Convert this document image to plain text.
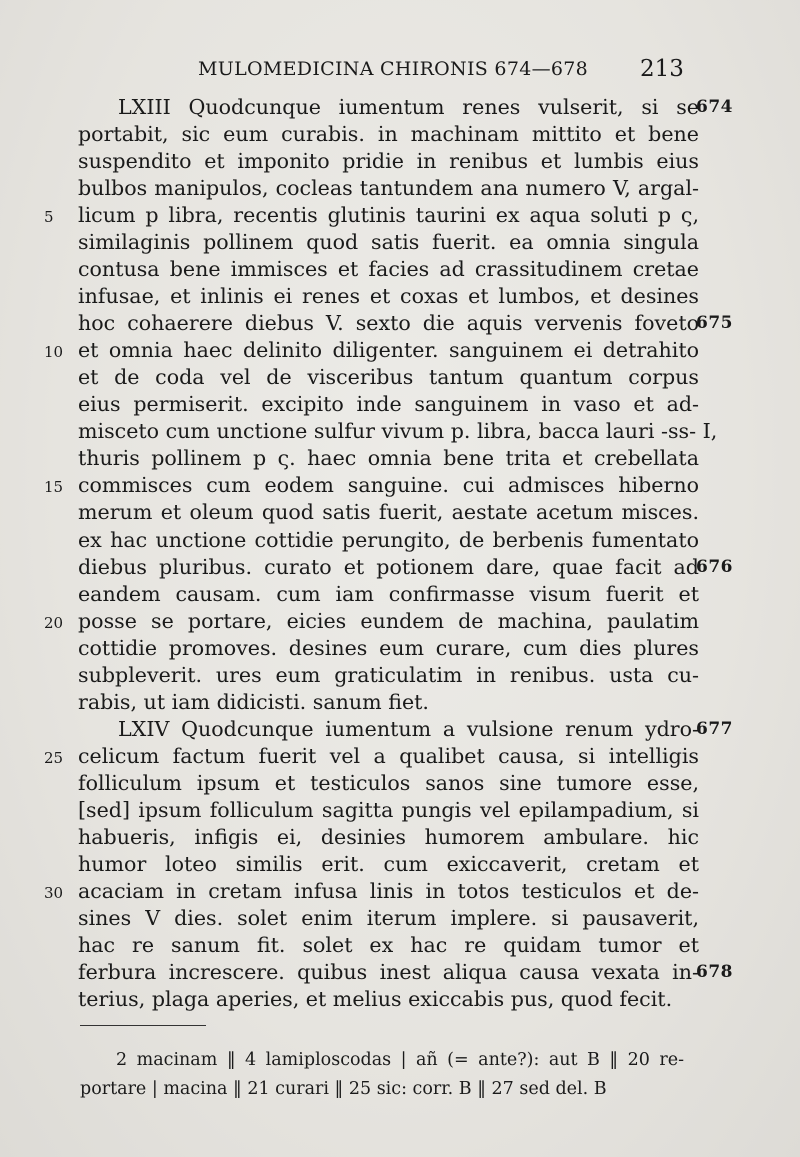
MULOMEDICINA CHIRONIS 674—678 213
LXIII Quodcunque iumentum renes vulserit, si se
674
portabit, sic eum curabis. in machinam mittito et bene
suspendito et imponito pridie in renibus et lumbis eius
bulbos manipulos, cocleas tantundem ana numero V, argal-
5 licum p libra, recentis glutinis taurini ex aqua soluti p ς,
similaginis pollinem quod satis fuerit. ea omnia singula
contusa bene immisces et facies ad crassitudinem cretae
infusae, et inlinis ei renes et coxas et lumbos, et desines
hoc cohaerere diebus V. sexto die aquis vervenis foveto
675
10 et omnia haec delinito diligenter. sanguinem ei detrahito
et de coda vel de visceribus tantum quantum corpus
eius permiserit. excipito inde sanguinem in vaso et ad-
misceto cum unctione sulfur vivum p. libra, bacca lauri -ss- I,
thuris pollinem p ς. haec omnia bene trita et crebellata
15 commisces cum eodem sanguine. cui admisces hiberno
merum et oleum quod satis fuerit, aestate acetum misces.
ex hac unctione cottidie perungito, de berbenis fumentato
diebus pluribus. curato et potionem dare, quae facit ad
676
eandem causam. cum iam confirmasse visum fuerit et
20 posse se portare, eicies eundem de machina, paulatim
cottidie promoves. desines eum curare, cum dies plures
subpleverit. ures eum graticulatim in renibus. usta cu-
rabis, ut iam didicisti. sanum fiet.
LXIV Quodcunque iumentum a vulsione renum ydro-
677
25 celicum factum fuerit vel a qualibet causa, si intelligis
folliculum ipsum et testiculos sanos sine tumore esse,
[sed] ipsum folliculum sagitta pungis vel epilampadium, si
habueris, infigis ei, desinies humorem ambulare. hic
humor loteo similis erit. cum exiccaverit, cretam et
30 acaciam in cretam infusa linis in totos testiculos et de-
sines V dies. solet enim iterum implere. si pausaverit,
hac re sanum fit. solet ex hac re quidam tumor et
ferbura increscere. quibus inest aliqua causa vexata in-
678
terius, plaga aperies, et melius exiccabis pus, quod fecit.
2 macinam ‖ 4 lamiploscodas | añ (= ante?): aut B ‖ 20 re-
portare | macina ‖ 21 curari ‖ 25 sic: corr. B ‖ 27 sed del. B
